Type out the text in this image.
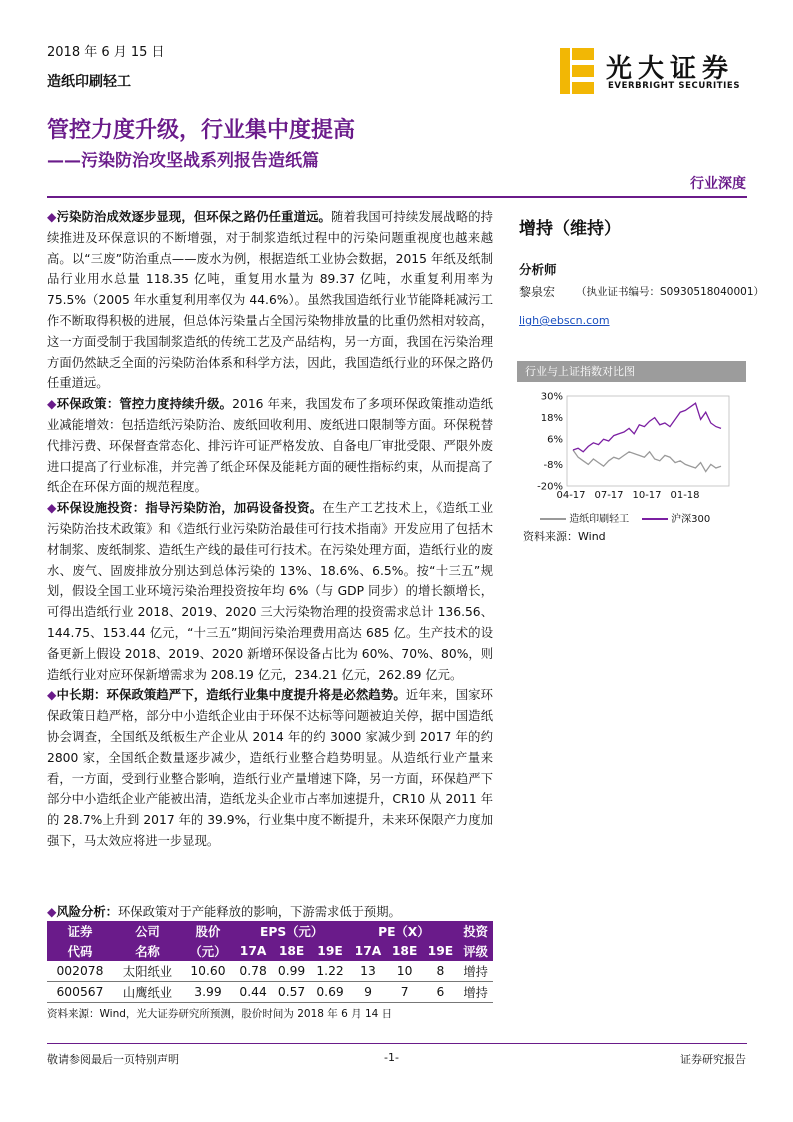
2018 年 6 月 15 日
造纸印刷轻工	光大证券
EVERBRIGHT SECURITIES
管控力度升级，行业集中度提高
——污染防治攻坚战系列报告造纸篇
行业深度

◆污染防治成效逐步显现，但环保之路仍任重道远。随着我国可持续发展战略的持续推进及环保意识的不断增强，对于制浆造纸过程中的污染问题重视度也越来越高。以“三废”防治重点——废水为例，根据造纸工业协会数据，2015 年纸及纸制品行业用水总量 118.35 亿吨，重复用水量为 89.37 亿吨，水重复利用率为 75.5%（2005 年水重复利用率仅为 44.6%）。虽然我国造纸行业节能降耗减污工作不断取得积极的进展，但总体污染量占全国污染物排放量的比重仍然相对较高，这一方面受制于我国制浆造纸的传统工艺及产品结构，另一方面，我国在污染治理方面仍然缺乏全面的污染防治体系和科学方法，因此，我国造纸行业的环保之路仍任重道远。

◆环保政策：管控力度持续升级。2016 年来，我国发布了多项环保政策推动造纸业减能增效：包括造纸污染防治、废纸回收利用、废纸进口限制等方面。环保税替代排污费、环保督查常态化、排污许可证严格发放、自备电厂审批受限、严限外废进口提高了行业标准，并完善了纸企环保及能耗方面的硬性指标约束，从而提高了纸企在环保方面的规范程度。

◆环保设施投资：指导污染防治，加码设备投资。在生产工艺技术上，《造纸工业污染防治技术政策》和《造纸行业污染防治最佳可行技术指南》开发应用了包括木材制浆、废纸制浆、造纸生产线的最佳可行技术。在污染处理方面，造纸行业的废水、废气、固废排放分别达到总体污染的 13%、18.6%、6.5%。按“十三五”规划，假设全国工业环境污染治理投资按年均 6%（与 GDP 同步）的增长额增长，可得出造纸行业 2018、2019、2020 三大污染物治理的投资需求总计 136.56、144.75、153.44 亿元，“十三五”期间污染治理费用高达 685 亿。生产技术的设备更新上假设 2018、2019、2020 新增环保设备占比为 60%、70%、80%，则造纸行业对应环保新增需求为 208.19 亿元，234.21 亿元，262.89 亿元。

◆中长期：环保政策趋严下，造纸行业集中度提升将是必然趋势。近年来，国家环保政策日趋严格，部分中小造纸企业由于环保不达标等问题被迫关停，据中国造纸协会调查，全国纸及纸板生产企业从 2014 年的约 3000 家减少到 2017 年的约 2800 家，全国纸企数量逐步减少，造纸行业整合趋势明显。从造纸行业产量来看，一方面，受到行业整合影响，造纸行业产量增速下降，另一方面，环保趋严下部分中小造纸企业产能被出清，造纸龙头企业市占率加速提升，CR10 从 2011 年的 28.7%上升到 2017 年的 39.9%，行业集中度不断提升，未来环保限产力度加强下，马太效应将进一步显现。

增持（维持）
分析师
黎泉宏 （执业证书编号：S0930518040001）
ligh@ebscn.com
行业与上证指数对比图
30%
18%
6%
-8%
-20%
04-17 07-17 10-17 01-18
造纸印刷轻工	沪深300
资料来源：Wind
◆风险分析：环保政策对于产能释放的影响，下游需求低于预期。
证券	公司	股价	EPS（元）			PE（X）			投资
代码	名称	（元）	17A	18E	19E	17A	18E	19E	评级
002078	太阳纸业	10.60	0.78	0.99	1.22	13	10	8	增持
600567	山鹰纸业	3.99	0.44	0.57	0.69	9	7	6	增持
资料来源：Wind，光大证券研究所预测，股价时间为 2018 年 6 月 14 日
敬请参阅最后一页特别声明	-1-	证券研究报告
